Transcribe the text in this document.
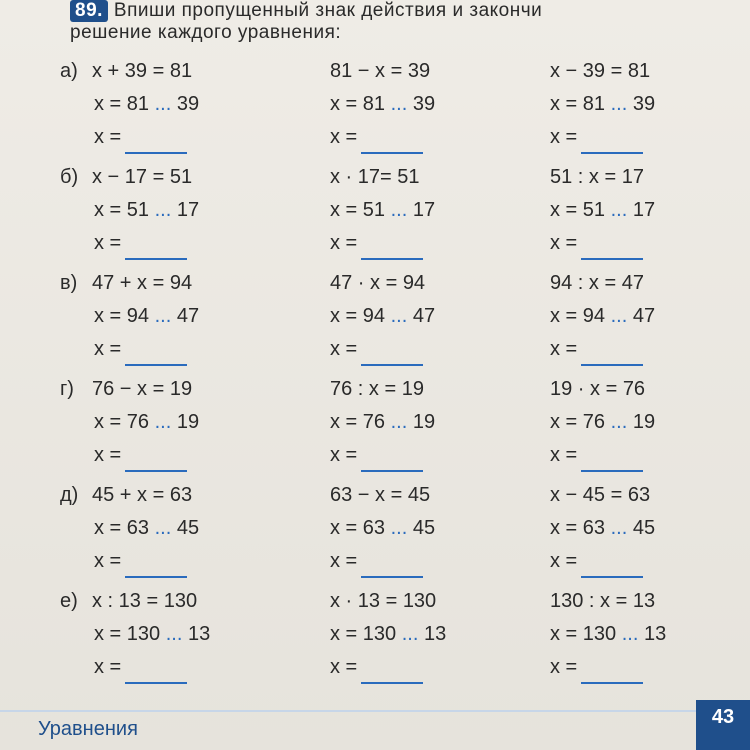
89. Впиши пропущенный знак действия и закончи
решение каждого уравнения:
а) x + 39 = 81
x = 81 ... 39
x =
81 − x = 39
x = 81 ... 39
x =
x − 39 = 81
x = 81 ... 39
x =
б) x − 17 = 51
x = 51 ... 17
x =
x · 17= 51
x = 51 ... 17
x =
51 : x = 17
x = 51 ... 17
x =
в) 47 + x = 94
x = 94 ... 47
x =
47 · x = 94
x = 94 ... 47
x =
94 : x = 47
x = 94 ... 47
x =
г) 76 − x = 19
x = 76 ... 19
x =
76 : x = 19
x = 76 ... 19
x =
19 · x = 76
x = 76 ... 19
x =
д) 45 + x = 63
x = 63 ... 45
x =
63 − x = 45
x = 63 ... 45
x =
x − 45 = 63
x = 63 ... 45
x =
е) x : 13 = 130
x = 130 ... 13
x =
x · 13 = 130
x = 130 ... 13
x =
130 : x = 13
x = 130 ... 13
x =
Уравнения
43
